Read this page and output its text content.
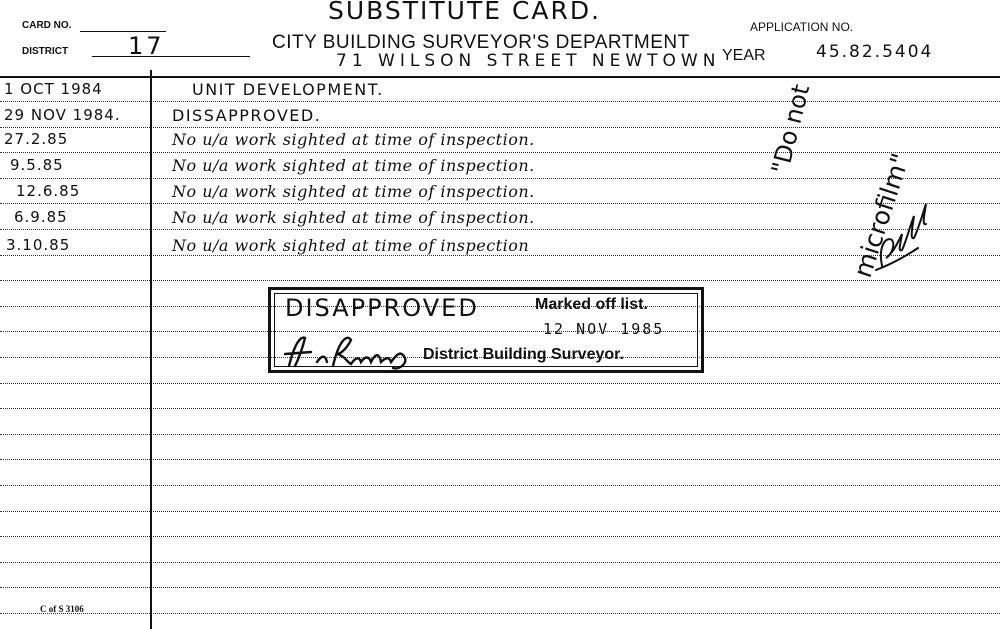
CARD NO.
DISTRICT 17
SUBSTITUTE CARD.
CITY BUILDING SURVEYOR'S DEPARTMENT
71 WILSON STREET NEWTOWN
APPLICATION NO.
YEAR	45.82.5404
1 OCT 1984	UNIT DEVELOPMENT.
29 NOV 1984.	DISSAPPROVED.
27.2.85	No u/a work sighted at time of inspection.
9.5.85	No u/a work sighted at time of inspection.
12.6.85	No u/a work sighted at time of inspection.
6.9.85	No u/a work sighted at time of inspection.
3.10.85	No u/a work sighted at time of inspection
DISAPPROVED	Marked off list.
12 NOV 1985
District Building Surveyor.
"Do not
microfilm"
C of S 3106
